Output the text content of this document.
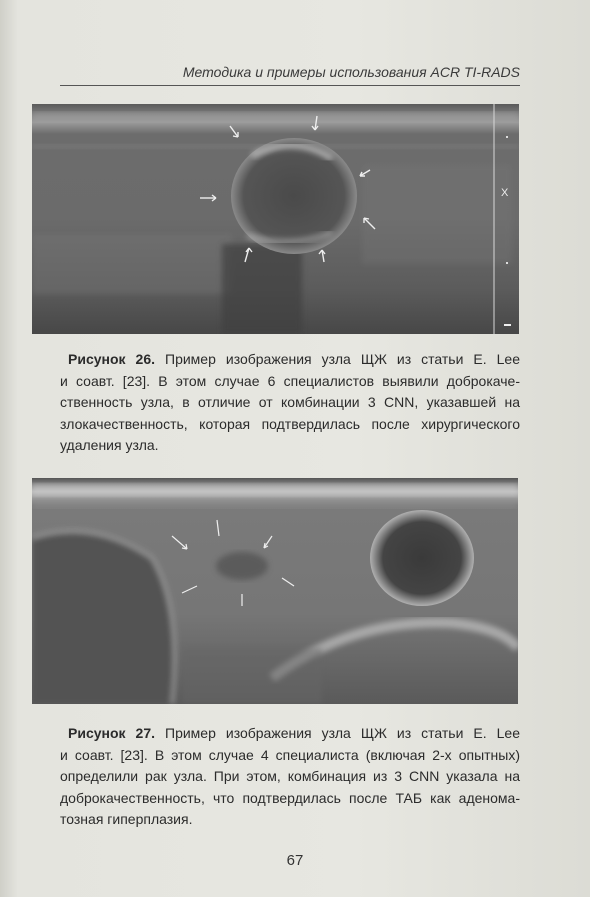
Методика и примеры использования ACR TI-RADS
X
Рисунок 26. Пример изображения узла ЩЖ из статьи E. Lee
и соавт. [23]. В этом случае 6 специалистов выявили доброкаче-
ственность узла, в отличие от комбинации 3 CNN, указавшей на
злокачественность, которая подтвердилась после хирургического
удаления узла.
Рисунок 27. Пример изображения узла ЩЖ из статьи E. Lee
и соавт. [23]. В этом случае 4 специалиста (включая 2-х опытных)
определили рак узла. При этом, комбинация из 3 CNN указала на
доброкачественность, что подтвердилась после ТАБ как аденома-
тозная гиперплазия.
67
